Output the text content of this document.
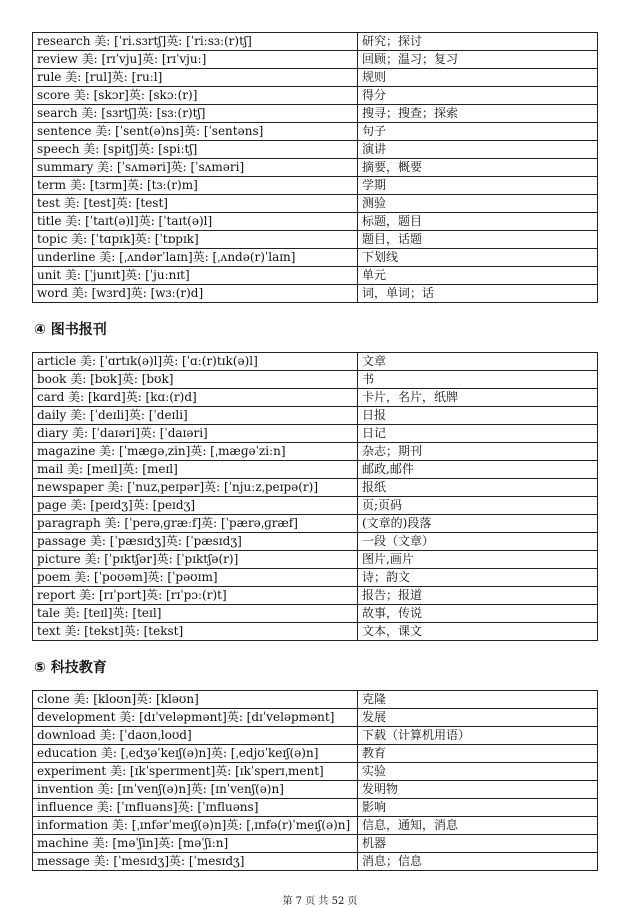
research 美: [ˈri.sɜrtʃ]英: [ˈriːsɜː(r)tʃ]	研究；探讨
review 美: [rɪˈvju]英: [rɪˈvjuː]	回顾；温习；复习
rule 美: [rul]英: [ruːl]	规则
score 美: [skɔr]英: [skɔː(r)]	得分
search 美: [sɜrtʃ]英: [sɜː(r)tʃ]	搜寻；搜查；探索
sentence 美: [ˈsent(ə)ns]英: [ˈsentəns]	句子
speech 美: [spitʃ]英: [spiːtʃ]	演讲
summary 美: [ˈsʌməri]英: [ˈsʌməri]	摘要，概要
term 美: [tɜrm]英: [tɜː(r)m]	学期
test 美: [test]英: [test]	测验
title 美: [ˈtaɪt(ə)l]英: [ˈtaɪt(ə)l]	标题，题目
topic 美: [ˈtɑpɪk]英: [ˈtɒpɪk]	题目，话题
underline 美: [ˌʌndərˈlaɪn]英: [ˌʌndə(r)ˈlaɪn]	下划线
unit 美: [ˈjunɪt]英: [ˈjuːnɪt]	单元
word 美: [wɜrd]英: [wɜː(r)d]	词，单词；话
④ 图书报刊
article 美: [ˈɑrtɪk(ə)l]英: [ˈɑː(r)tɪk(ə)l]	文章
book 美: [bʊk]英: [bʊk]	书
card 美: [kɑrd]英: [kɑː(r)d]	卡片，名片，纸牌
daily 美: [ˈdeɪli]英: [ˈdeɪli]	日报
diary 美: [ˈdaɪəri]英: [ˈdaɪəri]	日记
magazine 美: [ˈmæɡəˌzin]英: [ˌmæɡəˈziːn]	杂志；期刊
mail 美: [meɪl]英: [meɪl]	邮政,邮件
newspaper 美: [ˈnuzˌpeɪpər]英: [ˈnjuːzˌpeɪpə(r)]	报纸
page 美: [peɪdʒ]英: [peɪdʒ]	页;页码
paragraph 美: [ˈperəˌɡræːf]英: [ˈpærəˌɡræf]	(文章的)段落
passage 美: [ˈpæsɪdʒ]英: [ˈpæsɪdʒ]	一段（文章）
picture 美: [ˈpɪktʃər]英: [ˈpɪktʃə(r)]	图片,画片
poem 美: [ˈpoʊəm]英: [ˈpəʊɪm]	诗；韵文
report 美: [rɪˈpɔrt]英: [rɪˈpɔː(r)t]	报告；报道
tale 美: [teɪl]英: [teɪl]	故事，传说
text 美: [tekst]英: [tekst]	文本，课文
⑤ 科技教育
clone 美: [kloʊn]英: [kləʊn]	克隆
development 美: [dɪˈveləpmənt]英: [dɪˈveləpmənt]	发展
download 美: [ˈdaʊnˌloʊd]	下载（计算机用语）
education 美: [ˌedʒəˈkeɪʃ(ə)n]英: [ˌedjʊˈkeɪʃ(ə)n]	教育
experiment 美: [ɪkˈsperɪment]英: [ɪkˈsperɪˌment]	实验
invention 美: [ɪnˈvenʃ(ə)n]英: [ɪnˈvenʃ(ə)n]	发明物
influence 美: [ˈɪnfluəns]英: [ˈɪnfluəns]	影响
information 美: [ˌɪnfərˈmeɪʃ(ə)n]英: [ˌɪnfə(r)ˈmeɪʃ(ə)n]	信息，通知，消息
machine 美: [məˈʃin]英: [məˈʃiːn]	机器
message 美: [ˈmesɪdʒ]英: [ˈmesɪdʒ]	消息；信息
第 7 页 共 52 页
